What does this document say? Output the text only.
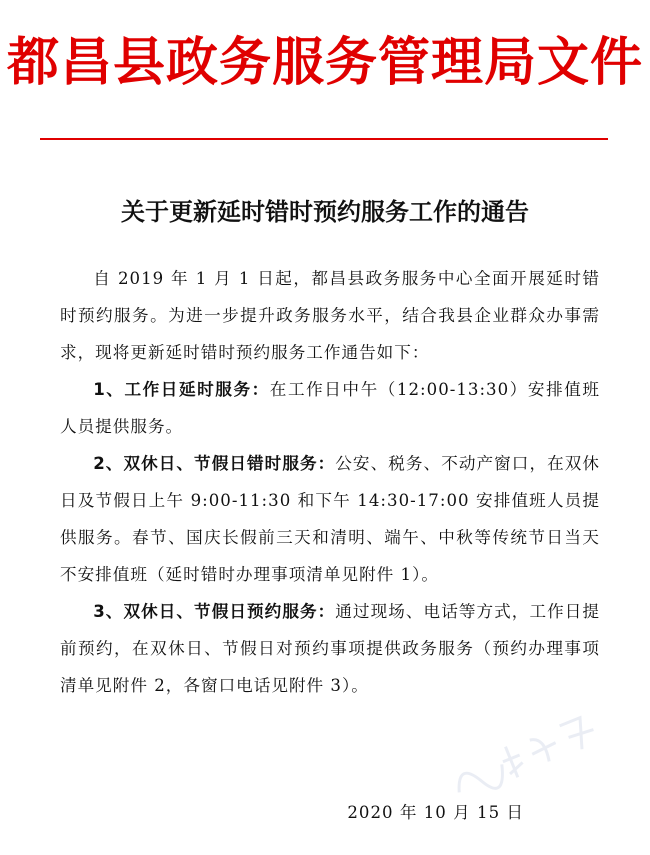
都昌县政务服务管理局文件
关于更新延时错时预约服务工作的通告

自 2019 年 1 月 1 日起，都昌县政务服务中心全面开展延时错时预约服务。为进一步提升政务服务水平，结合我县企业群众办事需求，现将更新延时错时预约服务工作通告如下：

1、工作日延时服务：在工作日中午（12:00-13:30）安排值班人员提供服务。

2、双休日、节假日错时服务：公安、税务、不动产窗口，在双休日及节假日上午 9:00-11:30 和下午 14:30-17:00 安排值班人员提供服务。春节、国庆长假前三天和清明、端午、中秋等传统节日当天不安排值班（延时错时办理事项清单见附件 1）。

3、双休日、节假日预约服务：通过现场、电话等方式，工作日提前预约，在双休日、节假日对预约事项提供政务服务（预约办理事项清单见附件 2，各窗口电话见附件 3）。

2020 年 10 月 15 日
